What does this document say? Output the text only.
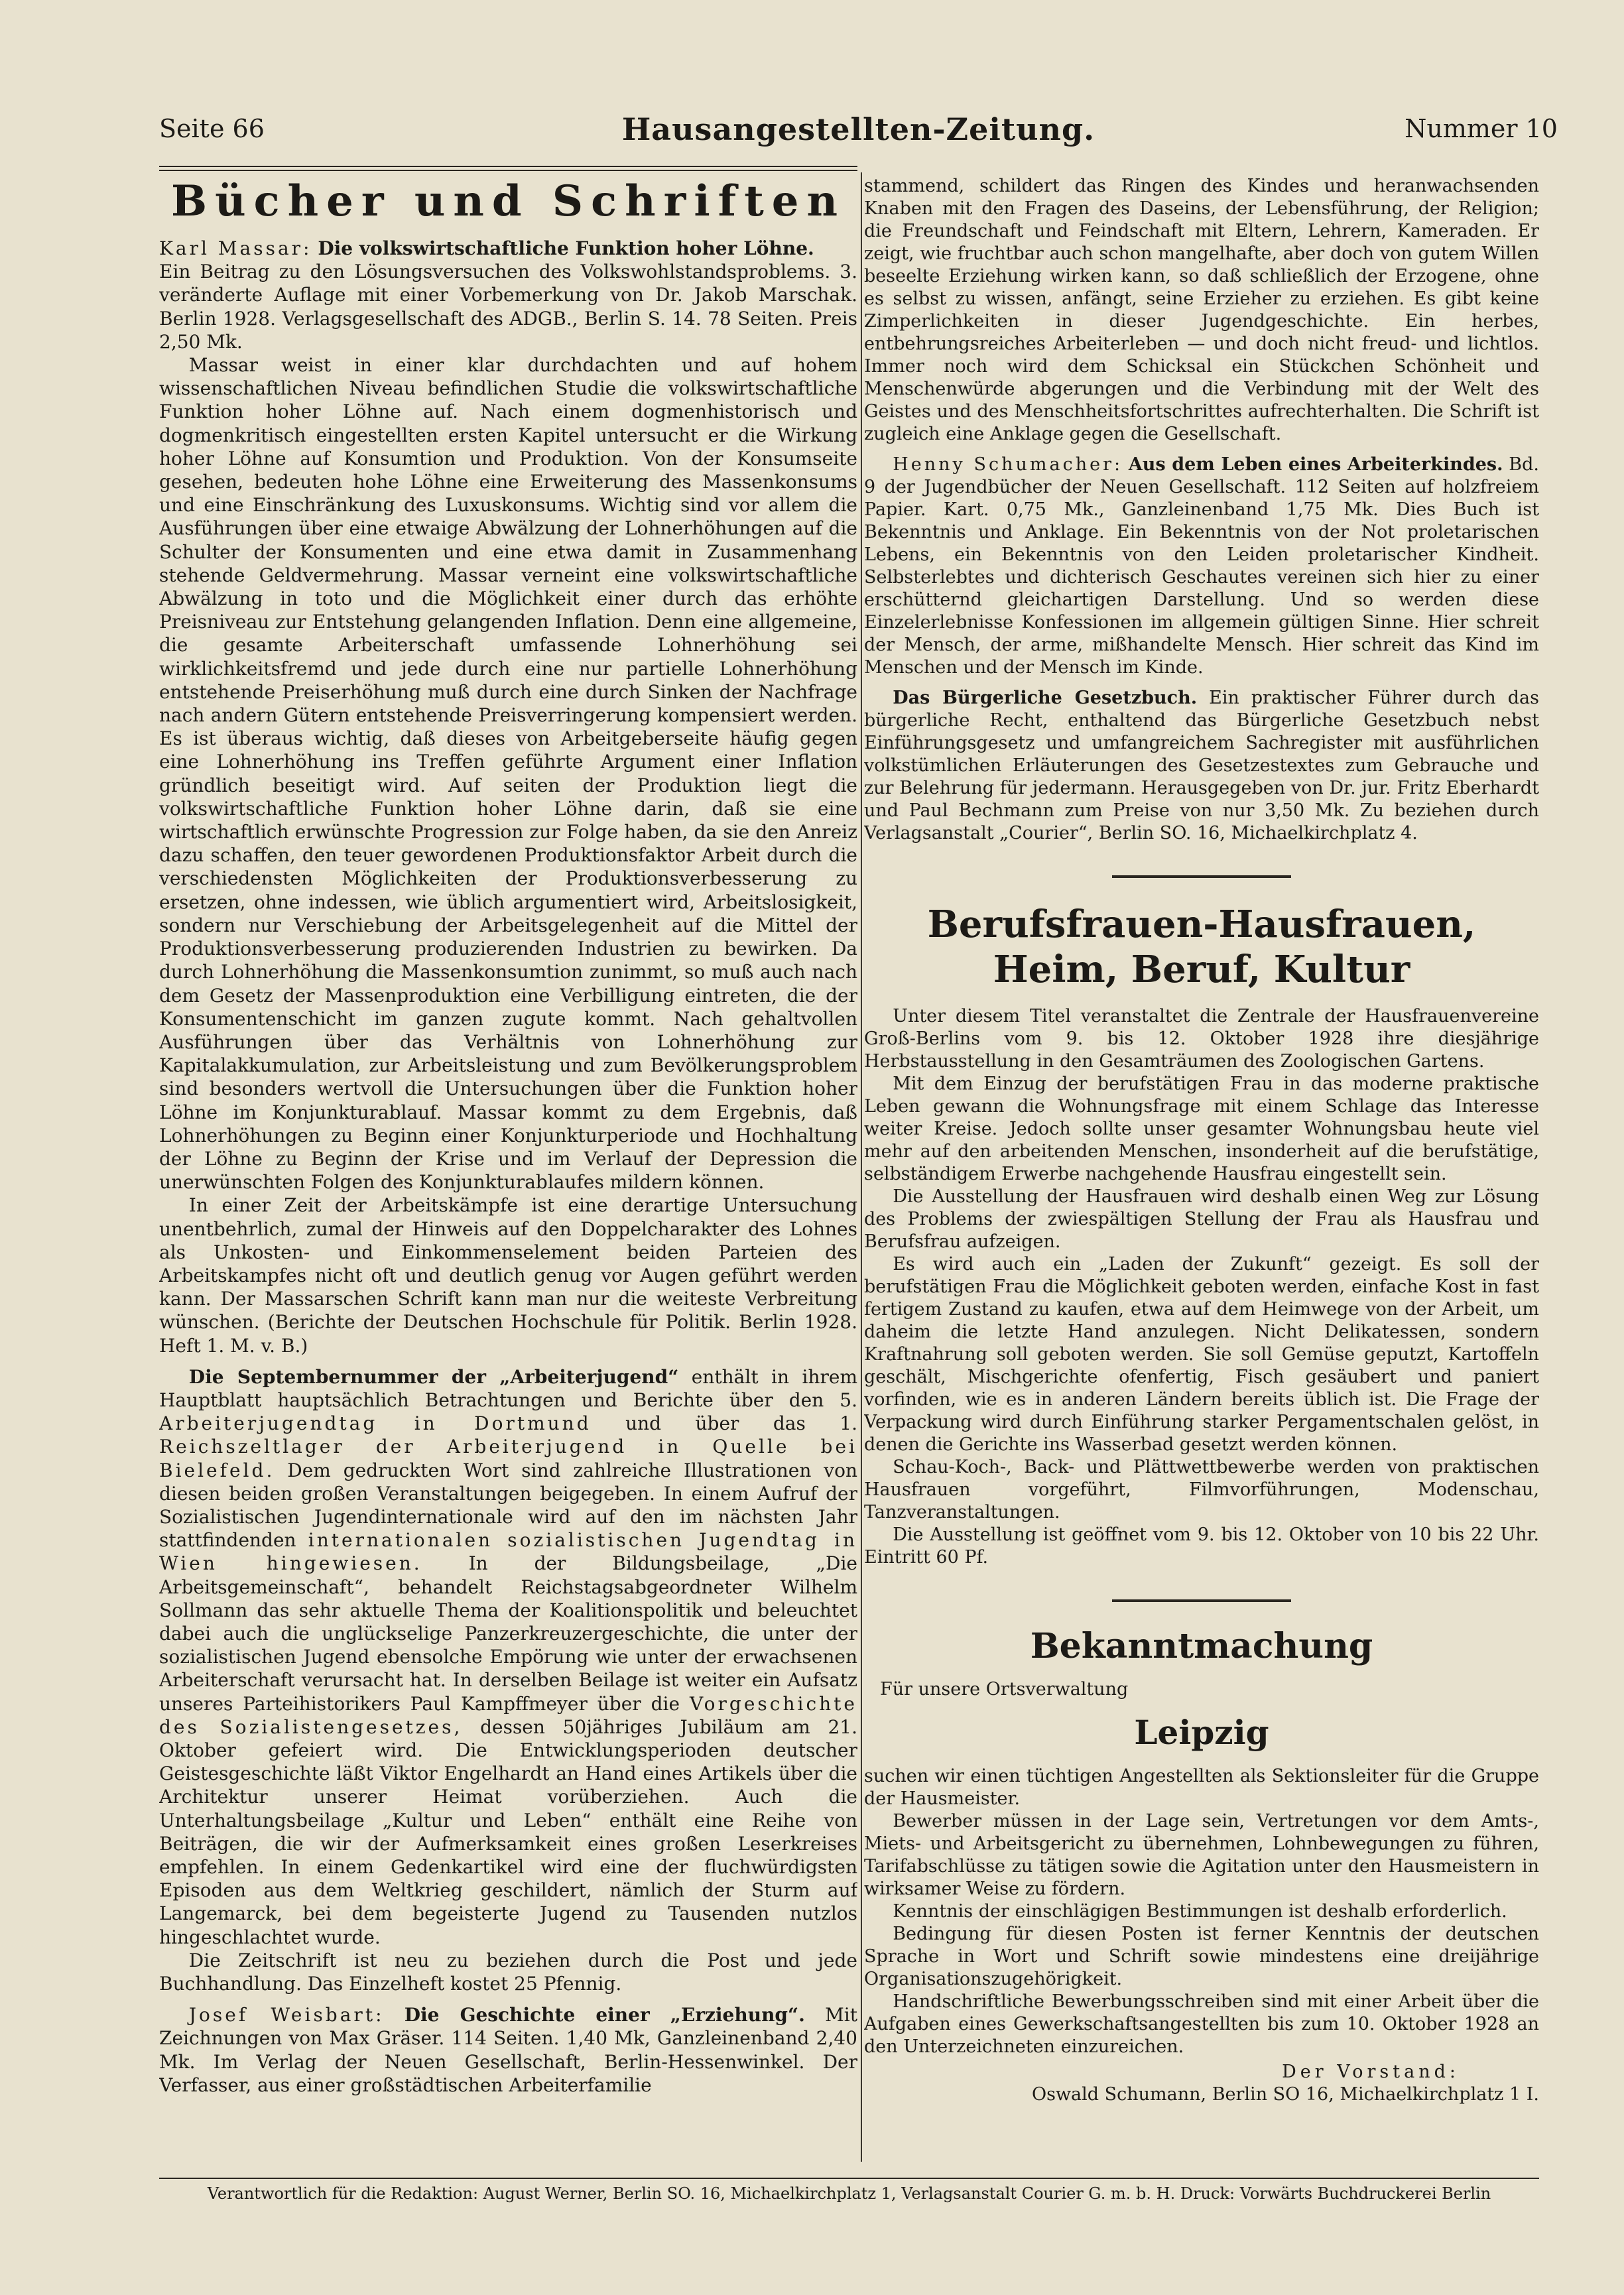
Seite 66	Hausangestellten-Zeitung.	Nummer 10
Bücher und Schriften

Karl Massar: Die volkswirtschaftliche Funktion hoher Löhne.

Ein Beitrag zu den Lösungsversuchen des Volkswohlstandsproblems. 3. veränderte Auflage mit einer Vorbemerkung von Dr. Jakob Marschak. Berlin 1928. Verlagsgesellschaft des ADGB., Berlin S. 14. 78 Seiten. Preis 2,50 Mk.

Massar weist in einer klar durchdachten und auf hohem wissenschaftlichen Niveau befindlichen Studie die volkswirtschaftliche Funktion hoher Löhne auf. Nach einem dogmenhistorisch und dogmenkritisch eingestellten ersten Kapitel untersucht er die Wirkung hoher Löhne auf Konsumtion und Produktion. Von der Konsumseite gesehen, bedeuten hohe Löhne eine Erweiterung des Massenkonsums und eine Einschränkung des Luxuskonsums. Wichtig sind vor allem die Ausführungen über eine etwaige Abwälzung der Lohnerhöhungen auf die Schulter der Konsumenten und eine etwa damit in Zusammenhang stehende Geldvermehrung. Massar verneint eine volkswirtschaftliche Abwälzung in toto und die Möglichkeit einer durch das erhöhte Preisniveau zur Entstehung gelangenden Inflation. Denn eine allgemeine, die gesamte Arbeiterschaft umfassende Lohnerhöhung sei wirklichkeitsfremd und jede durch eine nur partielle Lohnerhöhung entstehende Preiserhöhung muß durch eine durch Sinken der Nachfrage nach andern Gütern entstehende Preisverringerung kompensiert werden. Es ist überaus wichtig, daß dieses von Arbeitgeberseite häufig gegen eine Lohnerhöhung ins Treffen geführte Argument einer Inflation gründlich beseitigt wird. Auf seiten der Produktion liegt die volkswirtschaftliche Funktion hoher Löhne darin, daß sie eine wirtschaftlich erwünschte Progression zur Folge haben, da sie den Anreiz dazu schaffen, den teuer gewordenen Produktionsfaktor Arbeit durch die verschiedensten Möglichkeiten der Produktionsverbesserung zu ersetzen, ohne indessen, wie üblich argumentiert wird, Arbeitslosigkeit, sondern nur Verschiebung der Arbeitsgelegenheit auf die Mittel der Produktionsverbesserung produzierenden Industrien zu bewirken. Da durch Lohnerhöhung die Massenkonsumtion zunimmt, so muß auch nach dem Gesetz der Massenproduktion eine Verbilligung eintreten, die der Konsumentenschicht im ganzen zugute kommt. Nach gehaltvollen Ausführungen über das Verhältnis von Lohnerhöhung zur Kapitalakkumulation, zur Arbeitsleistung und zum Bevölkerungsproblem sind besonders wertvoll die Untersuchungen über die Funktion hoher Löhne im Konjunkturablauf. Massar kommt zu dem Ergebnis, daß Lohnerhöhungen zu Beginn einer Konjunkturperiode und Hochhaltung der Löhne zu Beginn der Krise und im Verlauf der Depression die unerwünschten Folgen des Konjunkturablaufes mildern können.

In einer Zeit der Arbeitskämpfe ist eine derartige Untersuchung unentbehrlich, zumal der Hinweis auf den Doppelcharakter des Lohnes als Unkosten- und Einkommenselement beiden Parteien des Arbeitskampfes nicht oft und deutlich genug vor Augen geführt werden kann. Der Massarschen Schrift kann man nur die weiteste Verbreitung wünschen. (Berichte der Deutschen Hochschule für Politik. Berlin 1928. Heft 1. M. v. B.)

Die Septembernummer der „Arbeiterjugend“ enthält in ihrem Hauptblatt hauptsächlich Betrachtungen und Berichte über den 5. Arbeiterjugendtag in Dortmund und über das 1. Reichszeltlager der Arbeiterjugend in Quelle bei Bielefeld. Dem gedruckten Wort sind zahlreiche Illustrationen von diesen beiden großen Veranstaltungen beigegeben. In einem Aufruf der Sozialistischen Jugendinternationale wird auf den im nächsten Jahr stattfindenden internationalen sozialistischen Jugendtag in Wien hingewiesen. In der Bildungsbeilage, „Die Arbeitsgemeinschaft“, behandelt Reichstagsabgeordneter Wilhelm Sollmann das sehr aktuelle Thema der Koalitionspolitik und beleuchtet dabei auch die unglückselige Panzerkreuzergeschichte, die unter der sozialistischen Jugend ebensolche Empörung wie unter der erwachsenen Arbeiterschaft verursacht hat. In derselben Beilage ist weiter ein Aufsatz unseres Parteihistorikers Paul Kampffmeyer über die Vorgeschichte des Sozialistengesetzes, dessen 50jähriges Jubiläum am 21. Oktober gefeiert wird. Die Entwicklungsperioden deutscher Geistesgeschichte läßt Viktor Engelhardt an Hand eines Artikels über die Architektur unserer Heimat vorüberziehen. Auch die Unterhaltungsbeilage „Kultur und Leben“ enthält eine Reihe von Beiträgen, die wir der Aufmerksamkeit eines großen Leserkreises empfehlen. In einem Gedenkartikel wird eine der fluchwürdigsten Episoden aus dem Weltkrieg geschildert, nämlich der Sturm auf Langemarck, bei dem begeisterte Jugend zu Tausenden nutzlos hingeschlachtet wurde.

Die Zeitschrift ist neu zu beziehen durch die Post und jede Buchhandlung. Das Einzelheft kostet 25 Pfennig.

Josef Weisbart: Die Geschichte einer „Erziehung“. Mit Zeichnungen von Max Gräser. 114 Seiten. 1,40 Mk, Ganzleinenband 2,40 Mk. Im Verlag der Neuen Gesellschaft, Berlin-Hessenwinkel. Der Verfasser, aus einer großstädtischen Arbeiterfamilie

stammend, schildert das Ringen des Kindes und heranwachsenden Knaben mit den Fragen des Daseins, der Lebensführung, der Religion; die Freundschaft und Feindschaft mit Eltern, Lehrern, Kameraden. Er zeigt, wie fruchtbar auch schon mangelhafte, aber doch von gutem Willen beseelte Erziehung wirken kann, so daß schließlich der Erzogene, ohne es selbst zu wissen, anfängt, seine Erzieher zu erziehen. Es gibt keine Zimperlichkeiten in dieser Jugendgeschichte. Ein herbes, entbehrungsreiches Arbeiterleben — und doch nicht freud- und lichtlos. Immer noch wird dem Schicksal ein Stückchen Schönheit und Menschenwürde abgerungen und die Verbindung mit der Welt des Geistes und des Menschheitsfortschrittes aufrechterhalten. Die Schrift ist zugleich eine Anklage gegen die Gesellschaft.

Henny Schumacher: Aus dem Leben eines Arbeiterkindes. Bd. 9 der Jugendbücher der Neuen Gesellschaft. 112 Seiten auf holzfreiem Papier. Kart. 0,75 Mk., Ganzleinenband 1,75 Mk. Dies Buch ist Bekenntnis und Anklage. Ein Bekenntnis von der Not proletarischen Lebens, ein Bekenntnis von den Leiden proletarischer Kindheit. Selbsterlebtes und dichterisch Geschautes vereinen sich hier zu einer erschütternd gleichartigen Darstellung. Und so werden diese Einzelerlebnisse Konfessionen im allgemein gültigen Sinne. Hier schreit der Mensch, der arme, mißhandelte Mensch. Hier schreit das Kind im Menschen und der Mensch im Kinde.

Das Bürgerliche Gesetzbuch. Ein praktischer Führer durch das bürgerliche Recht, enthaltend das Bürgerliche Gesetzbuch nebst Einführungsgesetz und umfangreichem Sachregister mit ausführlichen volkstümlichen Erläuterungen des Gesetzestextes zum Gebrauche und zur Belehrung für jedermann. Herausgegeben von Dr. jur. Fritz Eberhardt und Paul Bechmann zum Preise von nur 3,50 Mk. Zu beziehen durch Verlagsanstalt „Courier“, Berlin SO. 16, Michaelkirchplatz 4.

Berufsfrauen-Hausfrauen,
Heim, Beruf, Kultur

Unter diesem Titel veranstaltet die Zentrale der Hausfrauenvereine Groß-Berlins vom 9. bis 12. Oktober 1928 ihre diesjährige Herbstausstellung in den Gesamträumen des Zoologischen Gartens.

Mit dem Einzug der berufstätigen Frau in das moderne praktische Leben gewann die Wohnungsfrage mit einem Schlage das Interesse weiter Kreise. Jedoch sollte unser gesamter Wohnungsbau heute viel mehr auf den arbeitenden Menschen, insonderheit auf die berufstätige, selbständigem Erwerbe nachgehende Hausfrau eingestellt sein.

Die Ausstellung der Hausfrauen wird deshalb einen Weg zur Lösung des Problems der zwiespältigen Stellung der Frau als Hausfrau und Berufsfrau aufzeigen.

Es wird auch ein „Laden der Zukunft“ gezeigt. Es soll der berufstätigen Frau die Möglichkeit geboten werden, einfache Kost in fast fertigem Zustand zu kaufen, etwa auf dem Heimwege von der Arbeit, um daheim die letzte Hand anzulegen. Nicht Delikatessen, sondern Kraftnahrung soll geboten werden. Sie soll Gemüse geputzt, Kartoffeln geschält, Mischgerichte ofenfertig, Fisch gesäubert und paniert vorfinden, wie es in anderen Ländern bereits üblich ist. Die Frage der Verpackung wird durch Einführung starker Pergamentschalen gelöst, in denen die Gerichte ins Wasserbad gesetzt werden können.

Schau-Koch-, Back- und Plättwettbewerbe werden von praktischen Hausfrauen vorgeführt, Filmvorführungen, Modenschau, Tanzveranstaltungen.

Die Ausstellung ist geöffnet vom 9. bis 12. Oktober von 10 bis 22 Uhr. Eintritt 60 Pf.

Bekanntmachung
Für unsere Ortsverwaltung
Leipzig

suchen wir einen tüchtigen Angestellten als Sektionsleiter für die Gruppe der Hausmeister.

Bewerber müssen in der Lage sein, Vertretungen vor dem Amts-, Miets- und Arbeitsgericht zu übernehmen, Lohnbewegungen zu führen, Tarifabschlüsse zu tätigen sowie die Agitation unter den Hausmeistern in wirksamer Weise zu fördern.

Kenntnis der einschlägigen Bestimmungen ist deshalb erforderlich.

Bedingung für diesen Posten ist ferner Kenntnis der deutschen Sprache in Wort und Schrift sowie mindestens eine dreijährige Organisationszugehörigkeit.

Handschriftliche Bewerbungsschreiben sind mit einer Arbeit über die Aufgaben eines Gewerkschaftsangestellten bis zum 10. Oktober 1928 an den Unterzeichneten einzureichen.

Der Vorstand:
Oswald Schumann, Berlin SO 16, Michaelkirchplatz 1 I.
Verantwortlich für die Redaktion: August Werner, Berlin SO. 16, Michaelkirchplatz 1, Verlagsanstalt Courier G. m. b. H. Druck: Vorwärts Buchdruckerei Berlin
